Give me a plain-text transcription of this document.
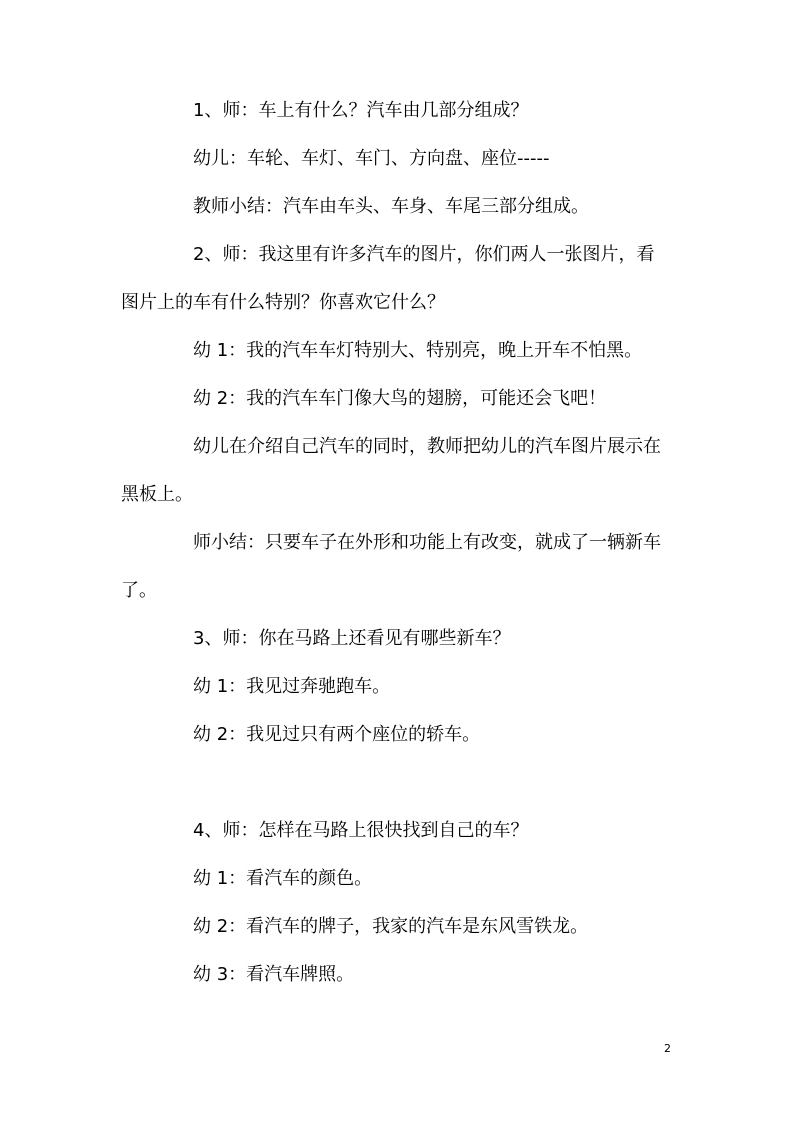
1、师：车上有什么？汽车由几部分组成？
幼儿：车轮、车灯、车门、方向盘、座位-----
教师小结：汽车由车头、车身、车尾三部分组成。
2、师：我这里有许多汽车的图片，你们两人一张图片，看
图片上的车有什么特别？你喜欢它什么？
幼 1：我的汽车车灯特别大、特别亮，晚上开车不怕黑。
幼 2：我的汽车车门像大鸟的翅膀，可能还会飞吧！
幼儿在介绍自己汽车的同时，教师把幼儿的汽车图片展示在
黑板上。
师小结：只要车子在外形和功能上有改变，就成了一辆新车
了。
3、师：你在马路上还看见有哪些新车？
幼 1：我见过奔驰跑车。
幼 2：我见过只有两个座位的轿车。
4、师：怎样在马路上很快找到自己的车？
幼 1：看汽车的颜色。
幼 2：看汽车的牌子，我家的汽车是东风雪铁龙。
幼 3：看汽车牌照。
2
